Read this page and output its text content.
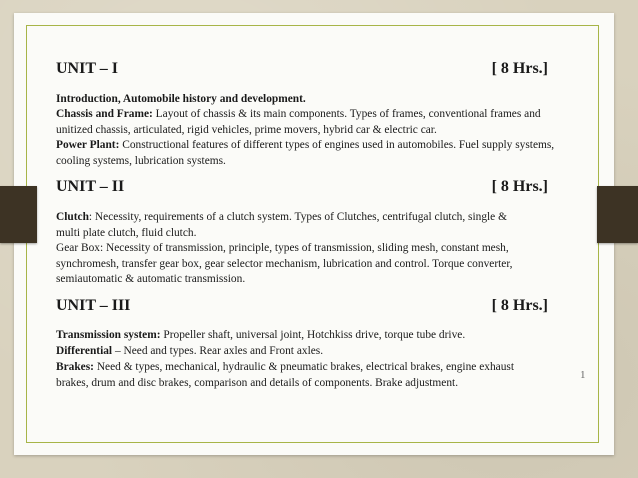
UNIT – I	[ 8 Hrs.]
Introduction, Automobile history and development.
Chassis and Frame: Layout of chassis & its main components. Types of frames, conventional frames and unitized chassis, articulated, rigid vehicles, prime movers, hybrid car & electric car.
Power Plant: Constructional features of different types of engines used in automobiles. Fuel supply systems, cooling systems, lubrication systems.
UNIT – II	[ 8 Hrs.]
Clutch: Necessity, requirements of a clutch system. Types of Clutches, centrifugal clutch, single & multi plate clutch, fluid clutch.
Gear Box: Necessity of transmission, principle, types of transmission, sliding mesh, constant mesh, synchromesh, transfer gear box, gear selector mechanism, lubrication and control. Torque converter, semiautomatic & automatic transmission.
UNIT – III	[ 8 Hrs.]
Transmission system: Propeller shaft, universal joint, Hotchkiss drive, torque tube drive.
Differential – Need and types. Rear axles and Front axles.
Brakes: Need & types, mechanical, hydraulic & pneumatic brakes, electrical brakes, engine exhaust brakes, drum and disc brakes, comparison and details of components. Brake adjustment.
1
